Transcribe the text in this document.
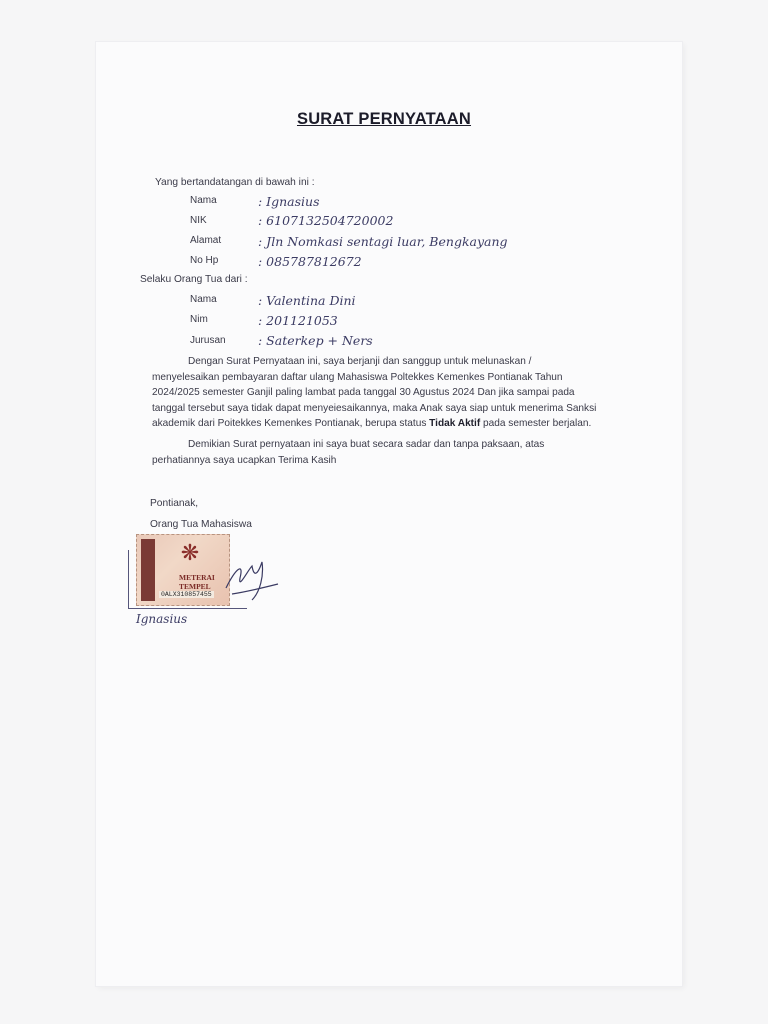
SURAT PERNYATAAN
Yang bertandatangan di bawah ini :
Nama	: Ignasius
NIK	: 6107132504720002
Alamat	: Jln Nomkasi sentagi luar, Bengkayang
No Hp	: 085787812672
Selaku Orang Tua dari :
Nama	: Valentina Dini
Nim	: 201121053
Jurusan	: Saterkep + Ners

Dengan Surat Pernyataan ini, saya berjanji dan sanggup untuk melunaskan / menyelesaikan pembayaran daftar ulang Mahasiswa Poltekkes Kemenkes Pontianak Tahun 2024/2025 semester Ganjil paling lambat pada tanggal 30 Agustus 2024 Dan jika sampai pada tanggal tersebut saya tidak dapat menyeiesaikannya, maka Anak saya siap untuk menerima Sanksi akademik dari Poitekkes Kemenkes Pontianak, berupa status Tidak Aktif pada semester berjalan.

Demikian Surat pernyataan ini saya buat secara sadar dan tanpa paksaan, atas perhatiannya saya ucapkan Terima Kasih

Pontianak,
Orang Tua Mahasiswa
❋
METERAI TEMPEL
0ALX310857455
Ignasius
